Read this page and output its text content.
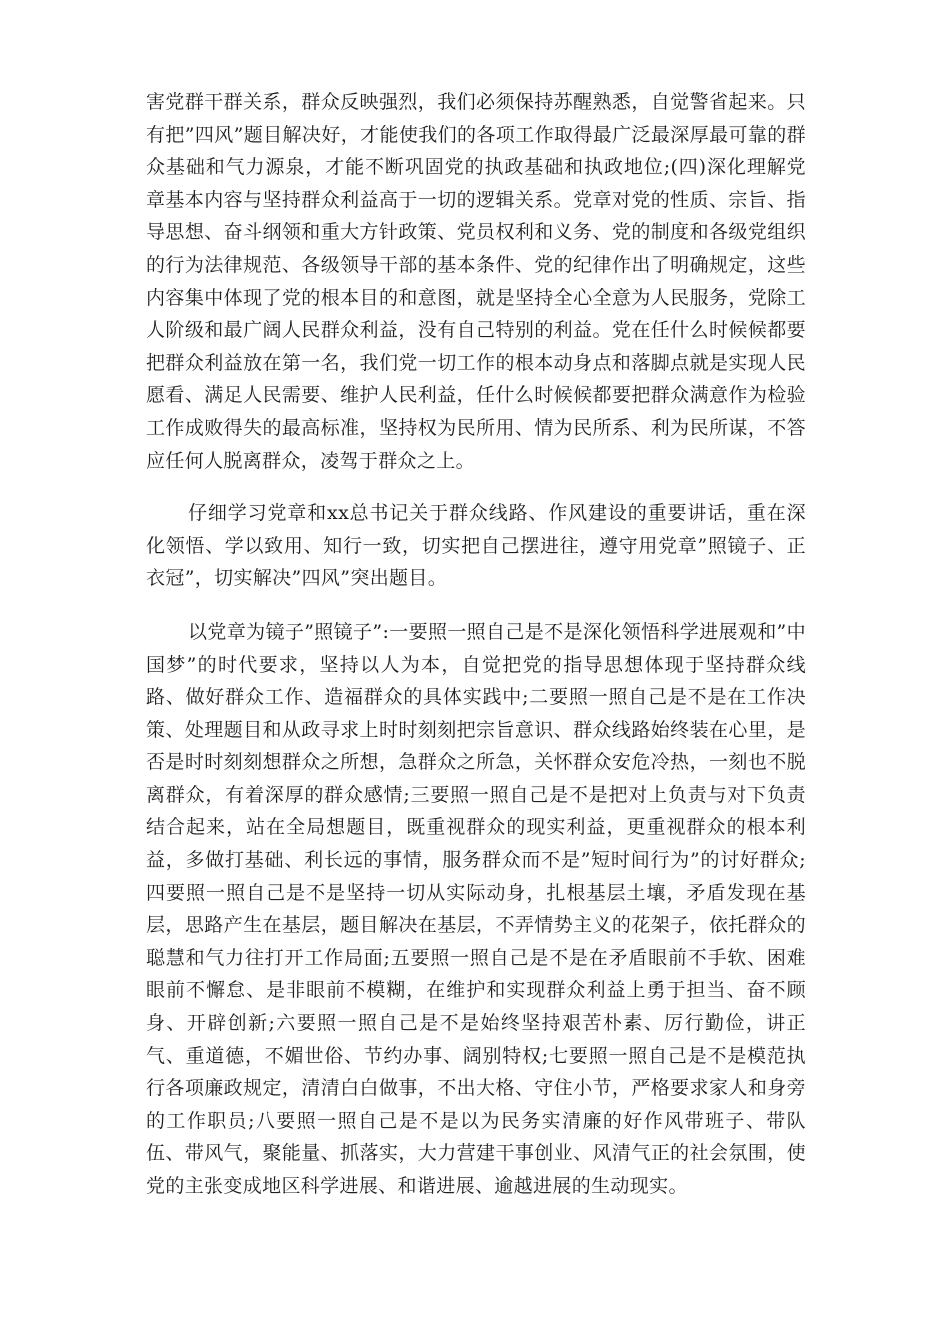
害党群干群关系，群众反映强烈，我们必须保持苏醒熟悉，自觉警省起来。只有把”四风”题目解决好，才能使我们的各项工作取得最广泛最深厚最可靠的群众基础和气力源泉，才能不断巩固党的执政基础和执政地位;(四)深化理解党章基本内容与坚持群众利益高于一切的逻辑关系。党章对党的性质、宗旨、指导思想、奋斗纲领和重大方针政策、党员权利和义务、党的制度和各级党组织的行为法律规范、各级领导干部的基本条件、党的纪律作出了明确规定，这些内容集中体现了党的根本目的和意图，就是坚持全心全意为人民服务，党除工人阶级和最广阔人民群众利益，没有自己特别的利益。党在任什么时候候都要把群众利益放在第一名，我们党一切工作的根本动身点和落脚点就是实现人民愿看、满足人民需要、维护人民利益，任什么时候候都要把群众满意作为检验工作成败得失的最高标准，坚持权为民所用、情为民所系、利为民所谋，不答应任何人脱离群众，凌驾于群众之上。

仔细学习党章和xx总书记关于群众线路、作风建设的重要讲话，重在深化领悟、学以致用、知行一致，切实把自己摆进往，遵守用党章”照镜子、正衣冠”，切实解决”四风”突出题目。

以党章为镜子”照镜子”:一要照一照自己是不是深化领悟科学进展观和”中国梦”的时代要求，坚持以人为本，自觉把党的指导思想体现于坚持群众线路、做好群众工作、造福群众的具体实践中;二要照一照自己是不是在工作决策、处理题目和从政寻求上时时刻刻把宗旨意识、群众线路始终装在心里，是否是时时刻刻想群众之所想，急群众之所急，关怀群众安危冷热，一刻也不脱离群众，有着深厚的群众感情;三要照一照自己是不是把对上负责与对下负责结合起来，站在全局想题目，既重视群众的现实利益，更重视群众的根本利益，多做打基础、利长远的事情，服务群众而不是”短时间行为”的讨好群众;四要照一照自己是不是坚持一切从实际动身，扎根基层土壤，矛盾发现在基层，思路产生在基层，题目解决在基层，不弄情势主义的花架子，依托群众的聪慧和气力往打开工作局面;五要照一照自己是不是在矛盾眼前不手软、困难眼前不懈怠、是非眼前不模糊，在维护和实现群众利益上勇于担当、奋不顾身、开辟创新;六要照一照自己是不是始终坚持艰苦朴素、厉行勤俭，讲正气、重道德，不媚世俗、节约办事、阔别特权;七要照一照自己是不是模范执行各项廉政规定，清清白白做事，不出大格、守住小节，严格要求家人和身旁的工作职员;八要照一照自己是不是以为民务实清廉的好作风带班子、带队伍、带风气，聚能量、抓落实，大力营建干事创业、风清气正的社会氛围，使党的主张变成地区科学进展、和谐进展、逾越进展的生动现实。
